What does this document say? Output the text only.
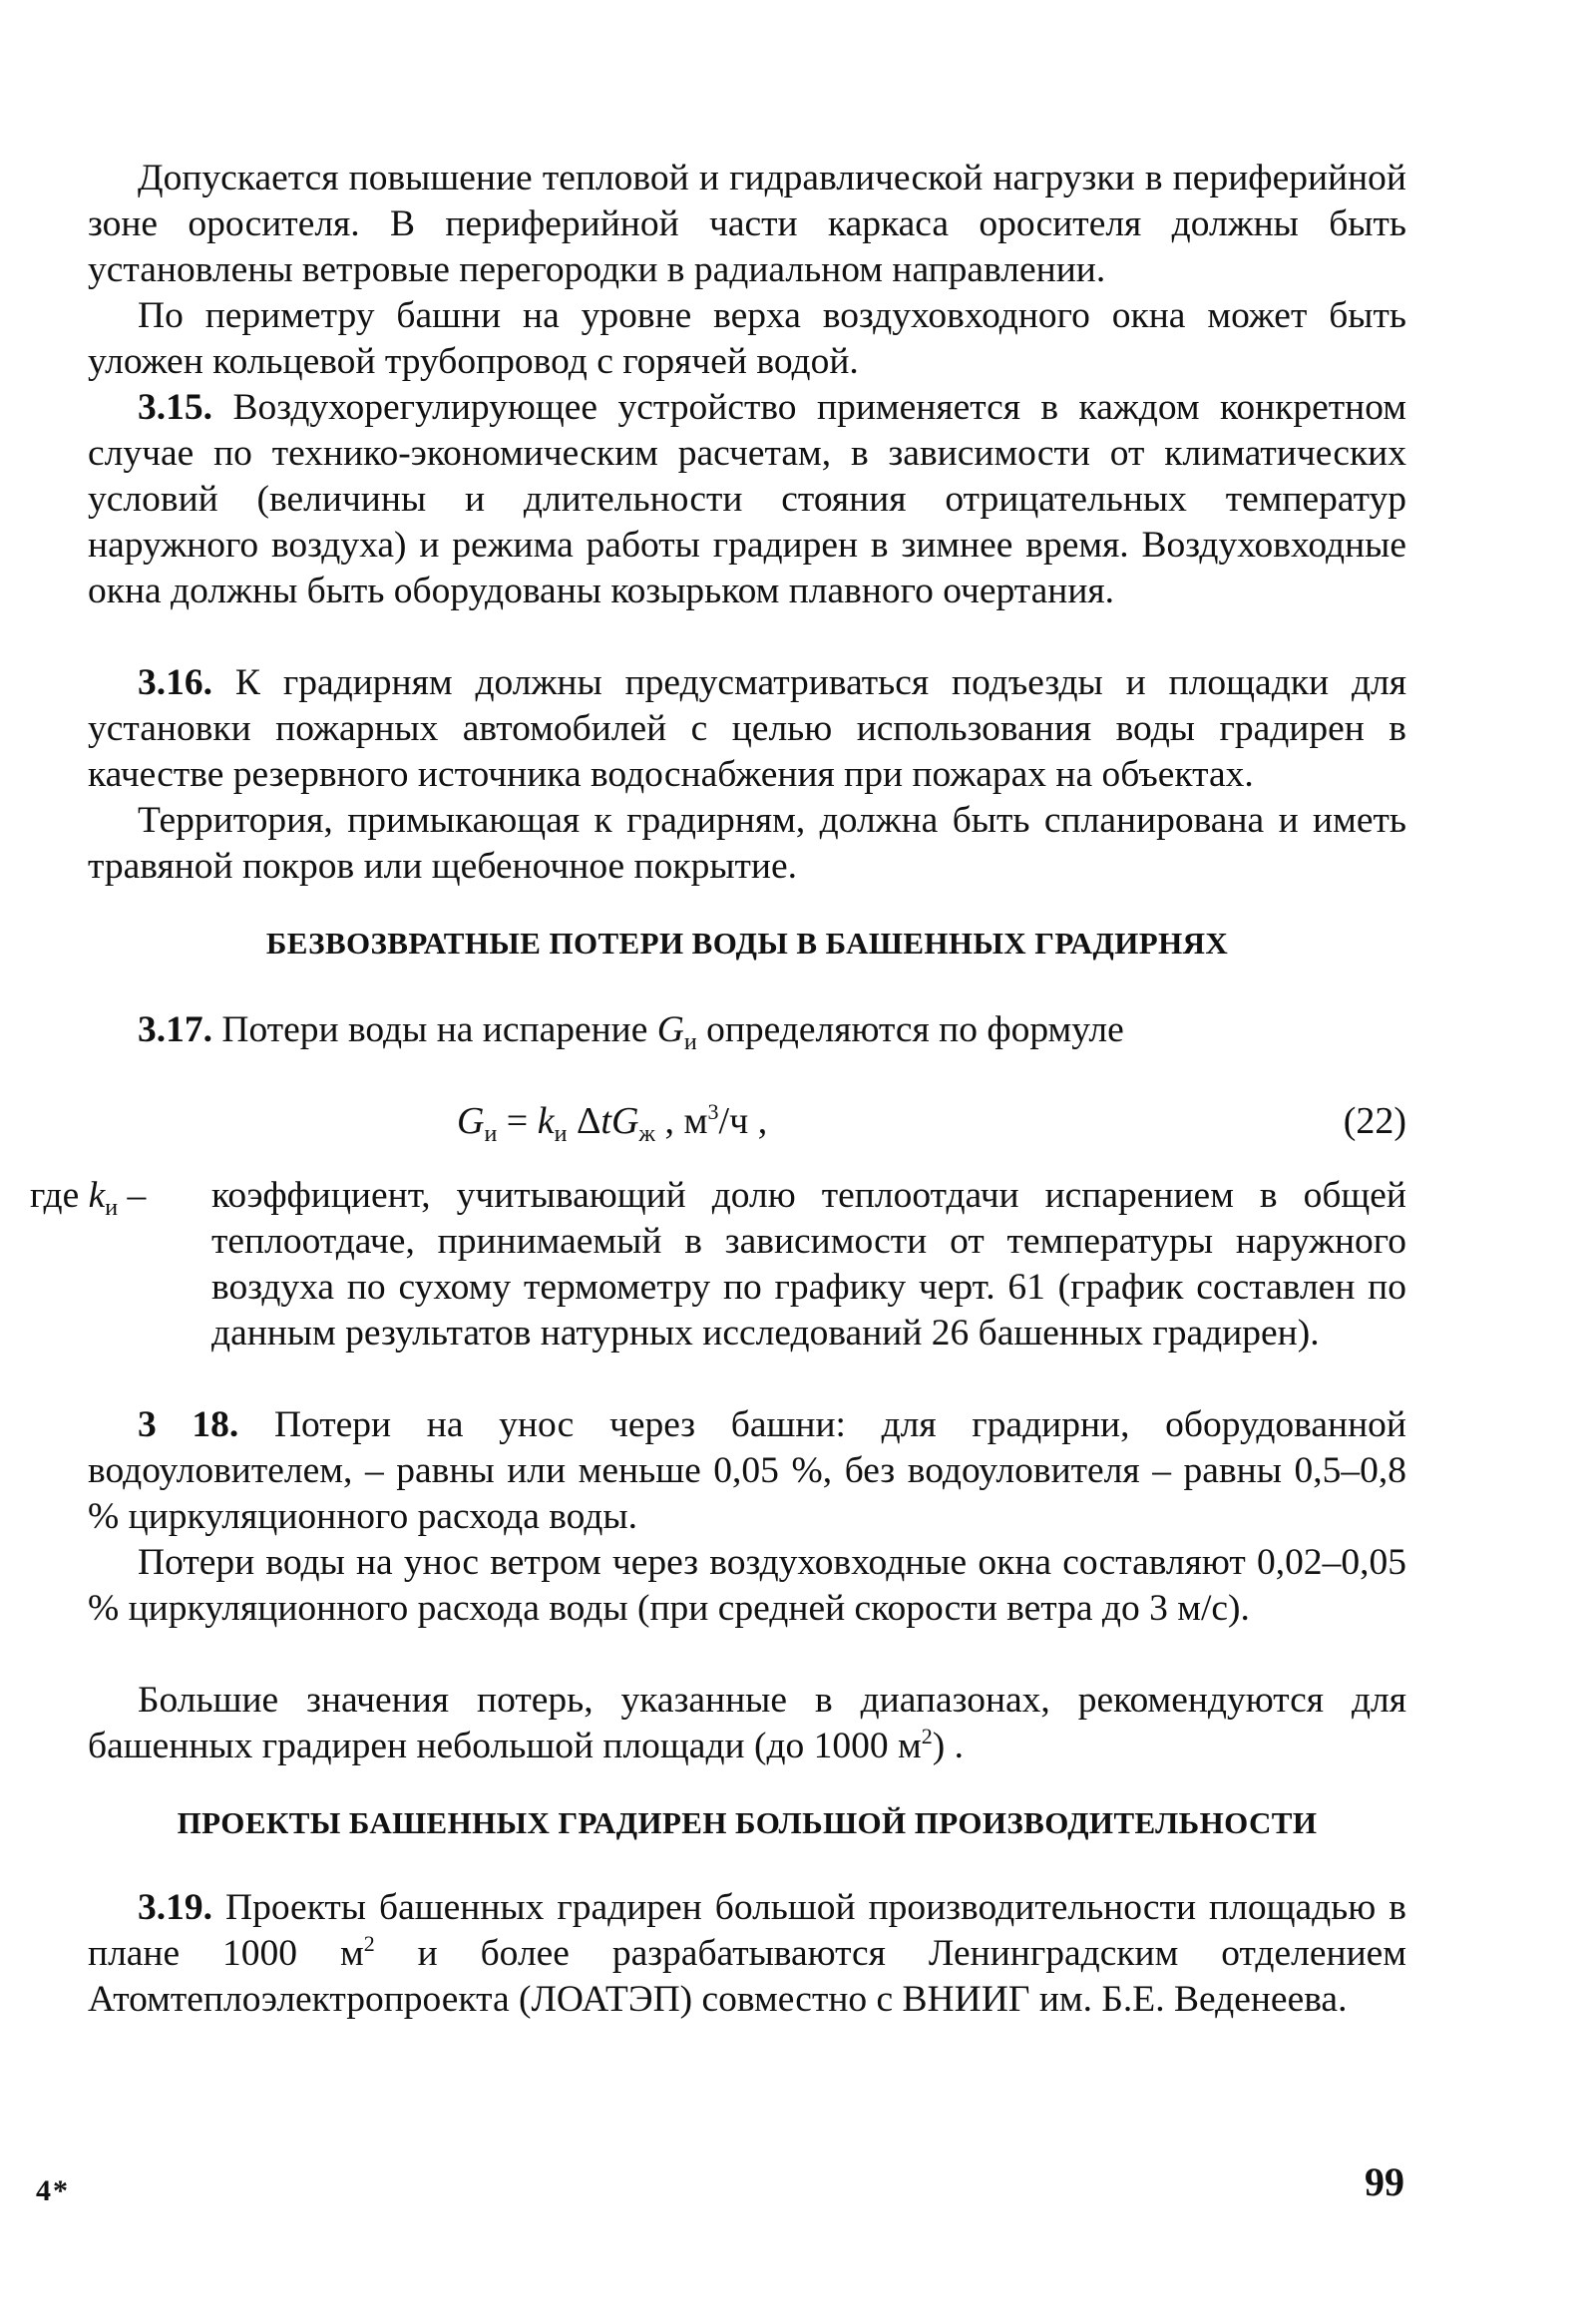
Допускается повышение тепловой и гидравлической нагрузки в периферийной зоне оросителя. В периферийной части каркаса оросителя должны быть установлены ветровые перегородки в радиальном направлении.
По периметру башни на уровне верха воздуховходного окна может быть уложен кольцевой трубопровод с горячей водой.
3.15. Воздухорегулирующее устройство применяется в каждом конкретном случае по технико-экономическим расчетам, в зависимости от климатических условий (величины и длительности стояния отрицательных температур наружного воздуха) и режима работы градирен в зимнее время. Воздуховходные окна должны быть оборудованы козырьком плавного очертания.
3.16. К градирням должны предусматриваться подъезды и площадки для установки пожарных автомобилей с целью использования воды градирен в качестве резервного источника водоснабжения при пожарах на объектах.
Территория, примыкающая к градирням, должна быть спланирована и иметь травяной покров или щебеночное покрытие.
БЕЗВОЗВРАТНЫЕ ПОТЕРИ ВОДЫ В БАШЕННЫХ ГРАДИРНЯХ
3.17. Потери воды на испарение $G_и$ определяются по формуле
$G_и = k_и$ ΔtG$_ж$ , $м^3/ч$ ,	(22)
где $k_и$ – коэффициент, учитывающий долю теплоотдачи испарением в общей теплоотдаче, принимаемый в зависимости от температуры наружного воздуха по сухому термометру по графику черт. 61 (график составлен по данным результатов натурных исследований 26 башенных градирен).
3 18. Потери на унос через башни: для градирни, оборудованной водоуловителем, – равны или меньше 0,05 %, без водоуловителя – равны 0,5–0,8 % циркуляционного расхода воды.
Потери воды на унос ветром через воздуховходные окна составляют 0,02–0,05 % циркуляционного расхода воды (при средней скорости ветра до 3 м/с).
Большие значения потерь, указанные в диапазонах, рекомендуются для башенных градирен небольшой площади (до 1000 $м^2$) .
ПРОЕКТЫ БАШЕННЫХ ГРАДИРЕН БОЛЬШОЙ ПРОИЗВОДИТЕЛЬНОСТИ
3.19. Проекты башенных градирен большой производительности площадью в плане 1000 $м^2$ и более разрабатываются Ленинградским отделением Атомтеплоэлектропроекта (ЛОАТЭП) совместно с ВНИИГ им. Б.Е. Веденеева.
4*	99
